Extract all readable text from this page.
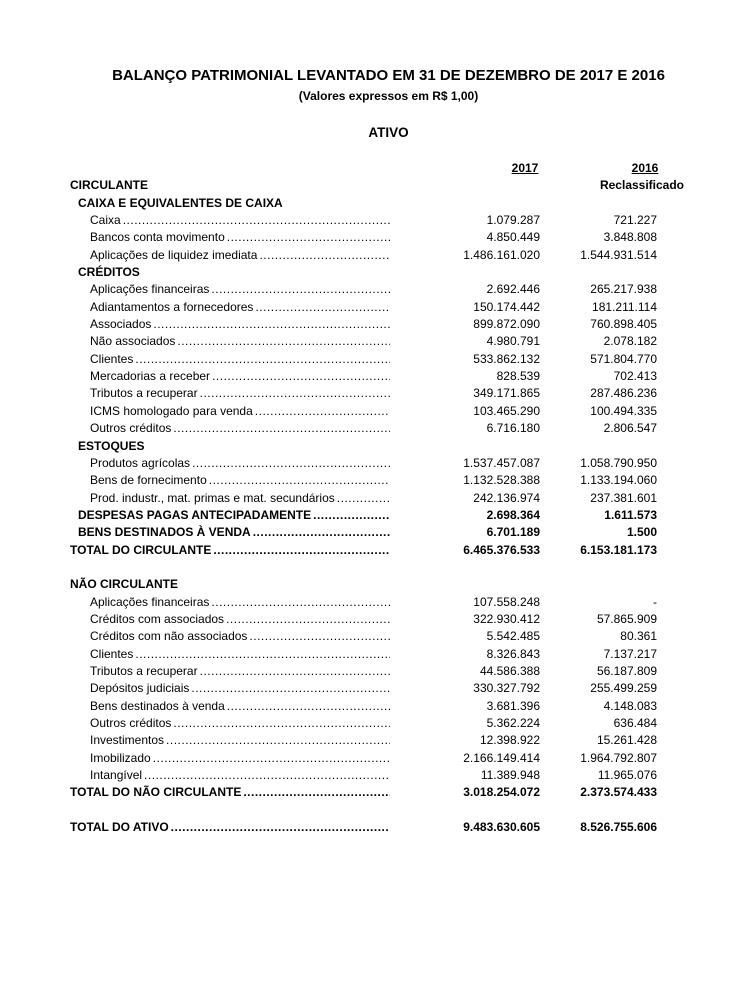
BALANÇO PATRIMONIAL LEVANTADO EM 31 DE DEZEMBRO DE 2017 E 2016
(Valores expressos em R$ 1,00)
ATIVO
2017	2016
Reclassificado
CIRCULANTE
CAIXA E EQUIVALENTES DE CAIXA
Caixa .....	1.079.287	721.227
Bancos conta movimento .....	4.850.449	3.848.808
Aplicações de liquidez imediata .....	1.486.161.020	1.544.931.514
CRÉDITOS
Aplicações financeiras .....	2.692.446	265.217.938
Adiantamentos a fornecedores .....	150.174.442	181.211.114
Associados .....	899.872.090	760.898.405
Não associados .....	4.980.791	2.078.182
Clientes .....	533.862.132	571.804.770
Mercadorias a receber .....	828.539	702.413
Tributos a recuperar .....	349.171.865	287.486.236
ICMS homologado para venda .....	103.465.290	100.494.335
Outros créditos .....	6.716.180	2.806.547
ESTOQUES
Produtos agrícolas .....	1.537.457.087	1.058.790.950
Bens de fornecimento .....	1.132.528.388	1.133.194.060
Prod. industr., mat. primas e mat. secundários .....	242.136.974	237.381.601
DESPESAS PAGAS ANTECIPADAMENTE .....	2.698.364	1.611.573
BENS DESTINADOS À VENDA .....	6.701.189	1.500
TOTAL DO CIRCULANTE .....	6.465.376.533	6.153.181.173
NÃO CIRCULANTE
Aplicações financeiras .....	107.558.248	-
Créditos com associados .....	322.930.412	57.865.909
Créditos com não associados .....	5.542.485	80.361
Clientes .....	8.326.843	7.137.217
Tributos a recuperar .....	44.586.388	56.187.809
Depósitos judiciais .....	330.327.792	255.499.259
Bens destinados à venda .....	3.681.396	4.148.083
Outros créditos .....	5.362.224	636.484
Investimentos .....	12.398.922	15.261.428
Imobilizado .....	2.166.149.414	1.964.792.807
Intangível .....	11.389.948	11.965.076
TOTAL DO NÃO CIRCULANTE .....	3.018.254.072	2.373.574.433
TOTAL DO ATIVO .....	9.483.630.605	8.526.755.606
